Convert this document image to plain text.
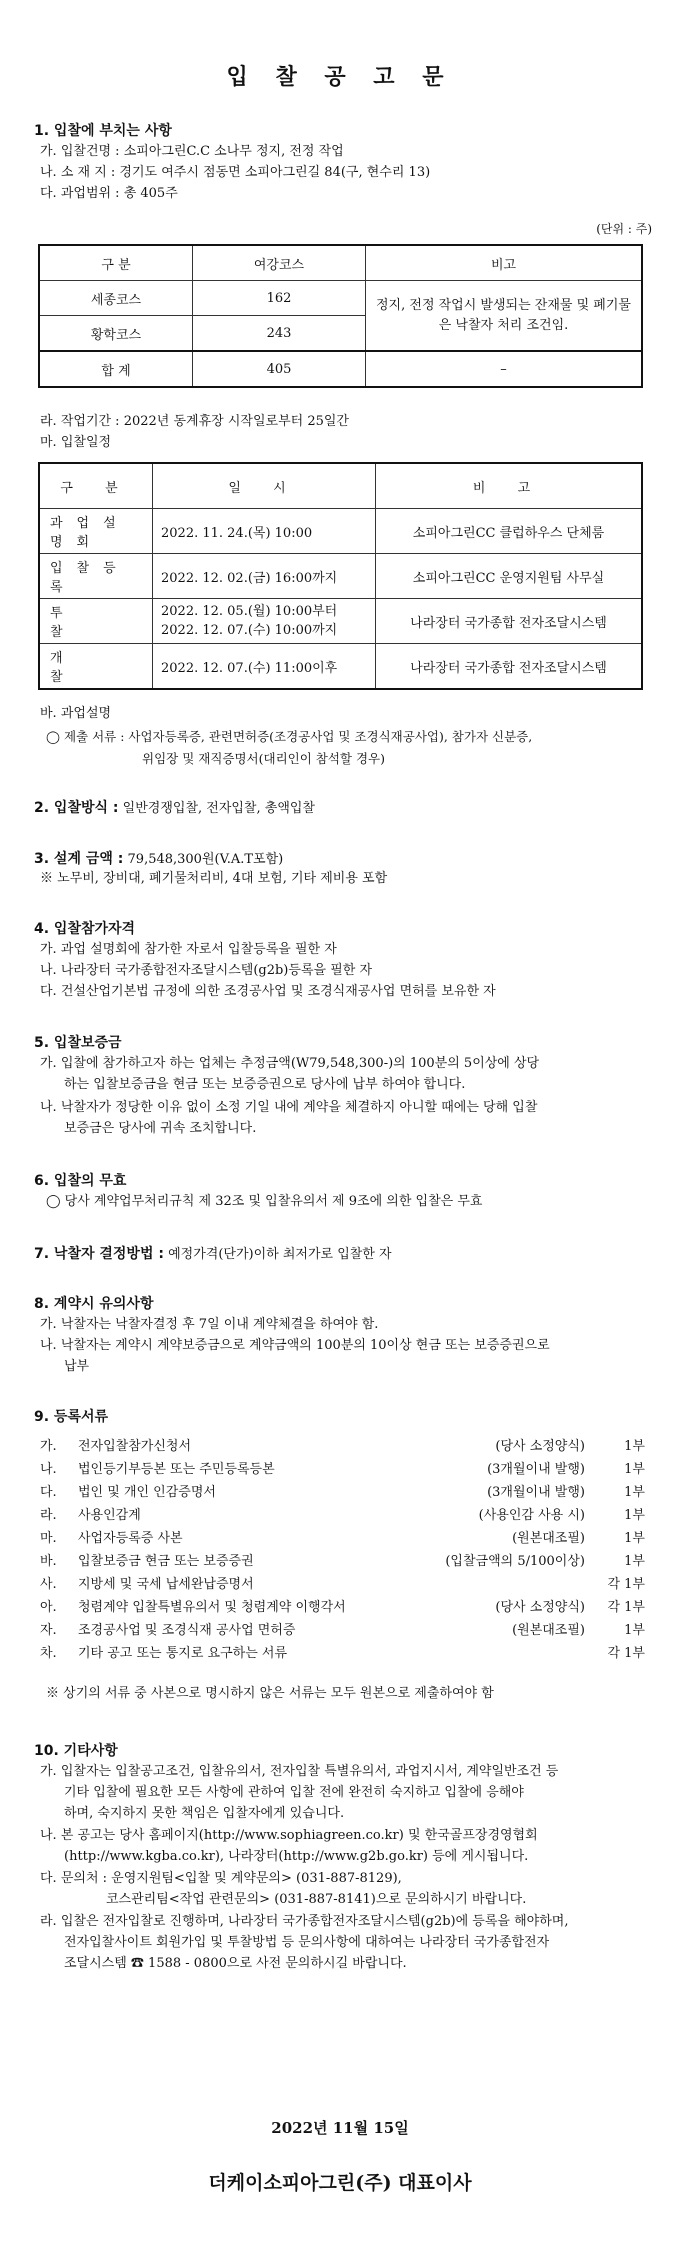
입 찰 공 고 문
1. 입찰에 부치는 사항
가. 입찰건명 : 소피아그린C.C 소나무 정지, 전정 작업
나. 소 재 지 : 경기도 여주시 점동면 소피아그린길 84(구, 현수리 13)
다. 과업범위 : 총 405주
(단위 : 주)
구 분	여강코스	비고
세종코스	162	정지, 전정 작업시 발생되는 잔재물 및 폐기물은 낙찰자 처리 조건임.
황학코스	243	
합 계	405	–
라. 작업기간 : 2022년 동계휴장 시작일로부터 25일간
마. 입찰일정
구 분	일 시	비 고
과업설명회	2022. 11. 24.(목) 10:00	소피아그린CC 클럽하우스 단체룸
입찰등록	2022. 12. 02.(금) 16:00까지	소피아그린CC 운영지원팀 사무실
투찰	2022. 12. 05.(월) 10:00부터
2022. 12. 07.(수) 10:00까지	나라장터 국가종합 전자조달시스템
개찰	2022. 12. 07.(수) 11:00이후	나라장터 국가종합 전자조달시스템
바. 과업설명
◯ 제출 서류 : 사업자등록증, 관련면허증(조경공사업 및 조경식재공사업), 참가자 신분증,
위임장 및 재직증명서(대리인이 참석할 경우)
2. 입찰방식 : 일반경쟁입찰, 전자입찰, 총액입찰
3. 설계 금액 : 79,548,300원(V.A.T포함)
※ 노무비, 장비대, 폐기물처리비, 4대 보험, 기타 제비용 포함
4. 입찰참가자격
가. 과업 설명회에 참가한 자로서 입찰등록을 필한 자
나. 나라장터 국가종합전자조달시스템(g2b)등록을 필한 자
다. 건설산업기본법 규정에 의한 조경공사업 및 조경식재공사업 면허를 보유한 자
5. 입찰보증금
가. 입찰에 참가하고자 하는 업체는 추정금액(W79,548,300-)의 100분의 5이상에 상당
하는 입찰보증금을 현금 또는 보증증권으로 당사에 납부 하여야 합니다.
나. 낙찰자가 정당한 이유 없이 소정 기일 내에 계약을 체결하지 아니할 때에는 당해 입찰
보증금은 당사에 귀속 조치합니다.
6. 입찰의 무효
◯ 당사 계약업무처리규칙 제 32조 및 입찰유의서 제 9조에 의한 입찰은 무효
7. 낙찰자 결정방법 : 예정가격(단가)이하 최저가로 입찰한 자
8. 계약시 유의사항
가. 낙찰자는 낙찰자결정 후 7일 이내 계약체결을 하여야 함.
나. 낙찰자는 계약시 계약보증금으로 계약금액의 100분의 10이상 현금 또는 보증증권으로
납부
9. 등록서류
가. 전자입찰참가신청서	(당사 소정양식)	1부
나. 법인등기부등본 또는 주민등록등본	(3개월이내 발행)	1부
다. 법인 및 개인 인감증명서	(3개월이내 발행)	1부
라. 사용인감계	(사용인감 사용 시)	1부
마. 사업자등록증 사본	(원본대조필)	1부
바. 입찰보증금 현금 또는 보증증권	(입찰금액의 5/100이상)	1부
사. 지방세 및 국세 납세완납증명서	각 1부
아. 청렴계약 입찰특별유의서 및 청렴계약 이행각서	(당사 소정양식) 각 1부
자. 조경공사업 및 조경식재 공사업 면허증	(원본대조필)	1부
차. 기타 공고 또는 통지로 요구하는 서류	각 1부
※ 상기의 서류 중 사본으로 명시하지 않은 서류는 모두 원본으로 제출하여야 함
10. 기타사항
가. 입찰자는 입찰공고조건, 입찰유의서, 전자입찰 특별유의서, 과업지시서, 계약일반조건 등
기타 입찰에 필요한 모든 사항에 관하여 입찰 전에 완전히 숙지하고 입찰에 응해야
하며, 숙지하지 못한 책임은 입찰자에게 있습니다.
나. 본 공고는 당사 홈페이지(http://www.sophiagreen.co.kr) 및 한국골프장경영협회
(http://www.kgba.co.kr), 나라장터(http://www.g2b.go.kr) 등에 게시됩니다.
다. 문의처 : 운영지원팀<입찰 및 계약문의> (031-887-8129),
코스관리팀<작업 관련문의> (031-887-8141)으로 문의하시기 바랍니다.
라. 입찰은 전자입찰로 진행하며, 나라장터 국가종합전자조달시스템(g2b)에 등록을 해야하며,
전자입찰사이트 회원가입 및 투찰방법 등 문의사항에 대하여는 나라장터 국가종합전자
조달시스템 ☎ 1588 - 0800으로 사전 문의하시길 바랍니다.
2022년 11월 15일
더케이소피아그린(주) 대표이사
